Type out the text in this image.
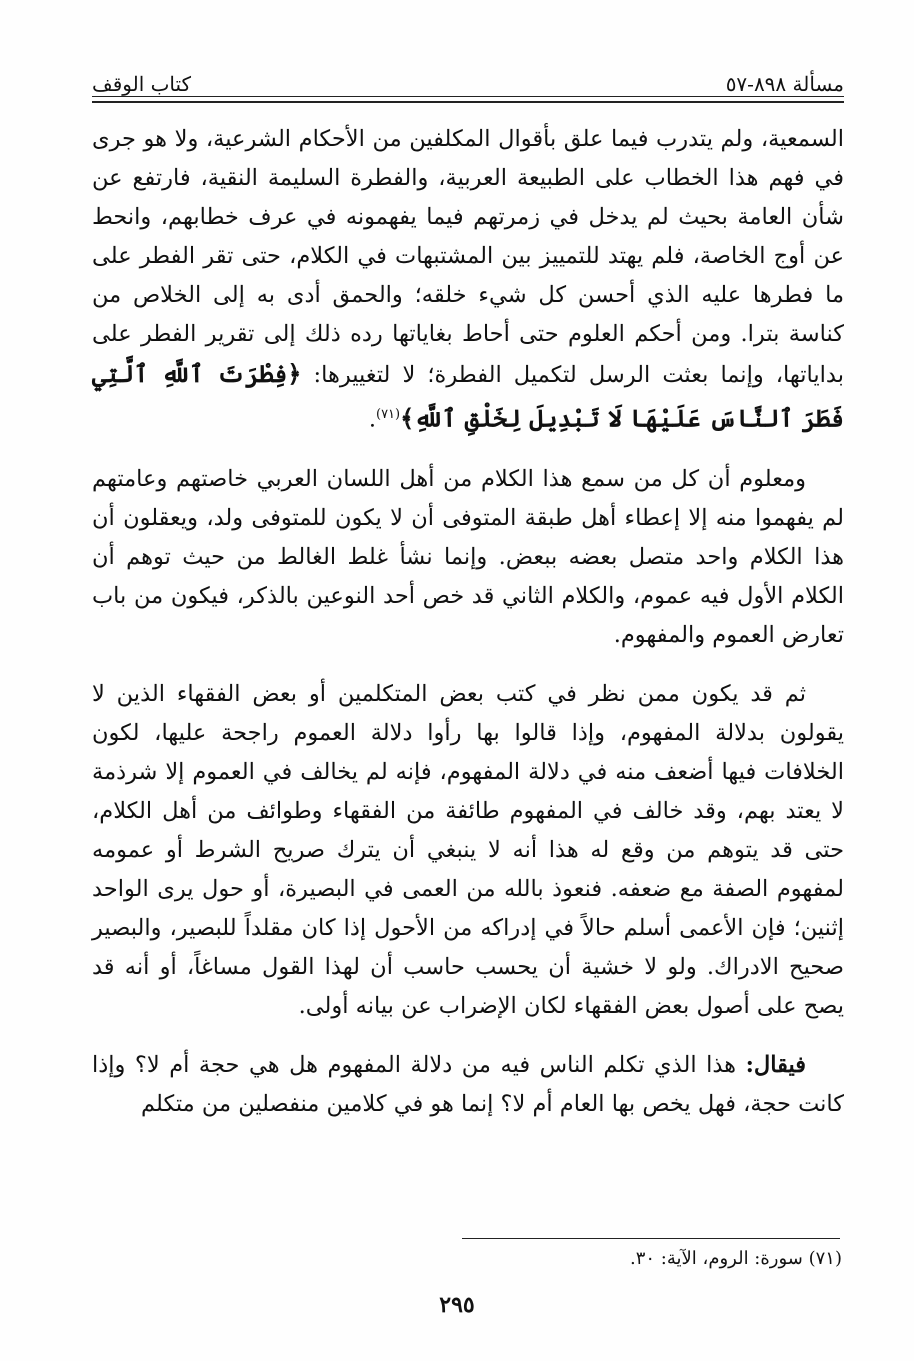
مسألة ٨٩٨-٥٧
كتاب الوقف

السمعية، ولم يتدرب فيما علق بأقوال المكلفين من الأحكام الشرعية، ولا هو جرى في فهم هذا الخطاب على الطبيعة العربية، والفطرة السليمة النقية، فارتفع عن شأن العامة بحيث لم يدخل في زمرتهم فيما يفهمونه في عرف خطابهم، وانحط عن أوج الخاصة، فلم يهتد للتمييز بين المشتبهات في الكلام، حتى تقر الفطر على ما فطرها عليه الذي أحسن كل شيء خلقه؛ والحمق أدى به إلى الخلاص من كناسة بترا. ومن أحكم العلوم حتى أحاط بغاياتها رده ذلك إلى تقرير الفطر على بداياتها، وإنما بعثت الرسل لتكميل الفطرة؛ لا لتغييرها: ﴿فِطْرَتَ ٱللَّهِ ٱلَّتِي فَطَرَ ٱلنَّاسَ عَلَيْهَا لَا تَبْدِيلَ لِخَلْقِ ٱللَّهِ﴾$^{(٧١)}$.

ومعلوم أن كل من سمع هذا الكلام من أهل اللسان العربي خاصتهم وعامتهم لم يفهموا منه إلا إعطاء أهل طبقة المتوفى أن لا يكون للمتوفى ولد، ويعقلون أن هذا الكلام واحد متصل بعضه ببعض. وإنما نشأ غلط الغالط من حيث توهم أن الكلام الأول فيه عموم، والكلام الثاني قد خص أحد النوعين بالذكر، فيكون من باب تعارض العموم والمفهوم.

ثم قد يكون ممن نظر في كتب بعض المتكلمين أو بعض الفقهاء الذين لا يقولون بدلالة المفهوم، وإذا قالوا بها رأوا دلالة العموم راجحة عليها، لكون الخلافات فيها أضعف منه في دلالة المفهوم، فإنه لم يخالف في العموم إلا شرذمة لا يعتد بهم، وقد خالف في المفهوم طائفة من الفقهاء وطوائف من أهل الكلام، حتى قد يتوهم من وقع له هذا أنه لا ينبغي أن يترك صريح الشرط أو عمومه لمفهوم الصفة مع ضعفه. فنعوذ بالله من العمى في البصيرة، أو حول يرى الواحد إثنين؛ فإن الأعمى أسلم حالاً في إدراكه من الأحول إذا كان مقلداً للبصير، والبصير صحيح الادراك. ولو لا خشية أن يحسب حاسب أن لهذا القول مساغاً، أو أنه قد يصح على أصول بعض الفقهاء لكان الإضراب عن بيانه أولى.

فيقال: هذا الذي تكلم الناس فيه من دلالة المفهوم هل هي حجة أم لا؟ وإذا كانت حجة، فهل يخص بها العام أم لا؟ إنما هو في كلامين منفصلين من متكلم

(٧١) سورة: الروم، الآية: ٣٠.
٢٩٥
